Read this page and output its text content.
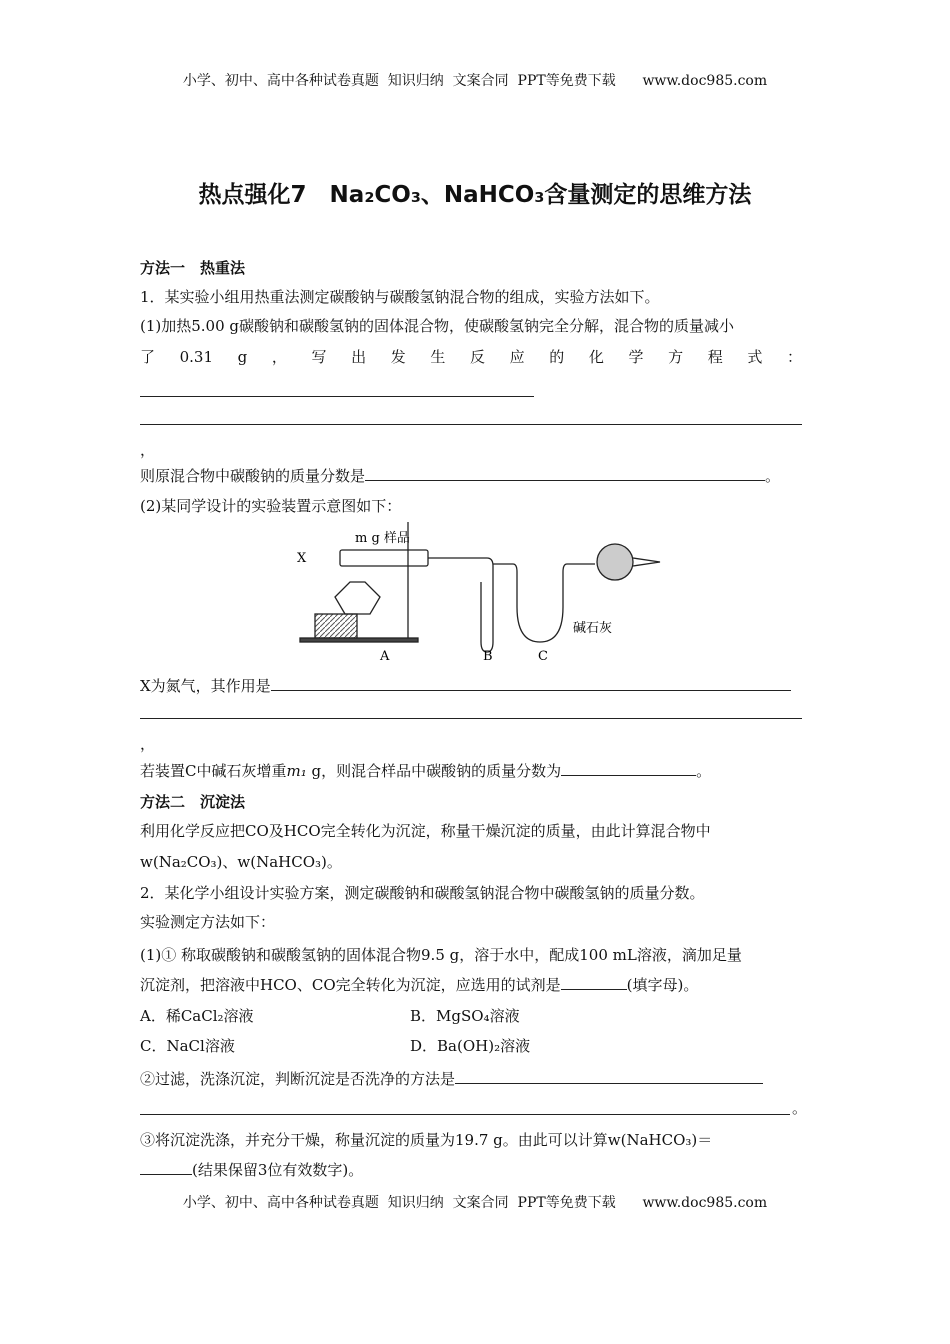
小学、初中、高中各种试卷真题  知识归纳  文案合同  PPT等免费下载      www.doc985.com
热点强化7　Na₂CO₃、NaHCO₃含量测定的思维方法
方法一　热重法
1．某实验小组用热重法测定碳酸钠与碳酸氢钠混合物的组成，实验方法如下。
(1)加热5.00 g碳酸钠和碳酸氢钠的固体混合物，使碳酸氢钠完全分解，混合物的质量减小
了 0.31 g ， 写 出 发 生 反 应 的 化 学 方 程 式 ：
，
则原混合物中碳酸钠的质量分数是	。
(2)某同学设计的实验装置示意图如下：
X
m g 样品
碱石灰
A	B	C
X为氮气，其作用是
，
若装置C中碱石灰增重m₁ g，则混合样品中碳酸钠的质量分数为	。
方法二　沉淀法
利用化学反应把CO及HCO完全转化为沉淀，称量干燥沉淀的质量，由此计算混合物中
w(Na₂CO₃)、w(NaHCO₃)。
2．某化学小组设计实验方案，测定碳酸钠和碳酸氢钠混合物中碳酸氢钠的质量分数。
实验测定方法如下：
(1)① 称取碳酸钠和碳酸氢钠的固体混合物9.5 g，溶于水中，配成100 mL溶液，滴加足量
沉淀剂，把溶液中HCO、CO完全转化为沉淀，应选用的试剂是	(填字母)。
A．稀CaCl₂溶液	B．MgSO₄溶液
C．NaCl溶液	D．Ba(OH)₂溶液
②过滤，洗涤沉淀，判断沉淀是否洗净的方法是
。
③将沉淀洗涤，并充分干燥，称量沉淀的质量为19.7 g。由此可以计算w(NaHCO₃)＝
(结果保留3位有效数字)。
小学、初中、高中各种试卷真题  知识归纳  文案合同  PPT等免费下载      www.doc985.com
